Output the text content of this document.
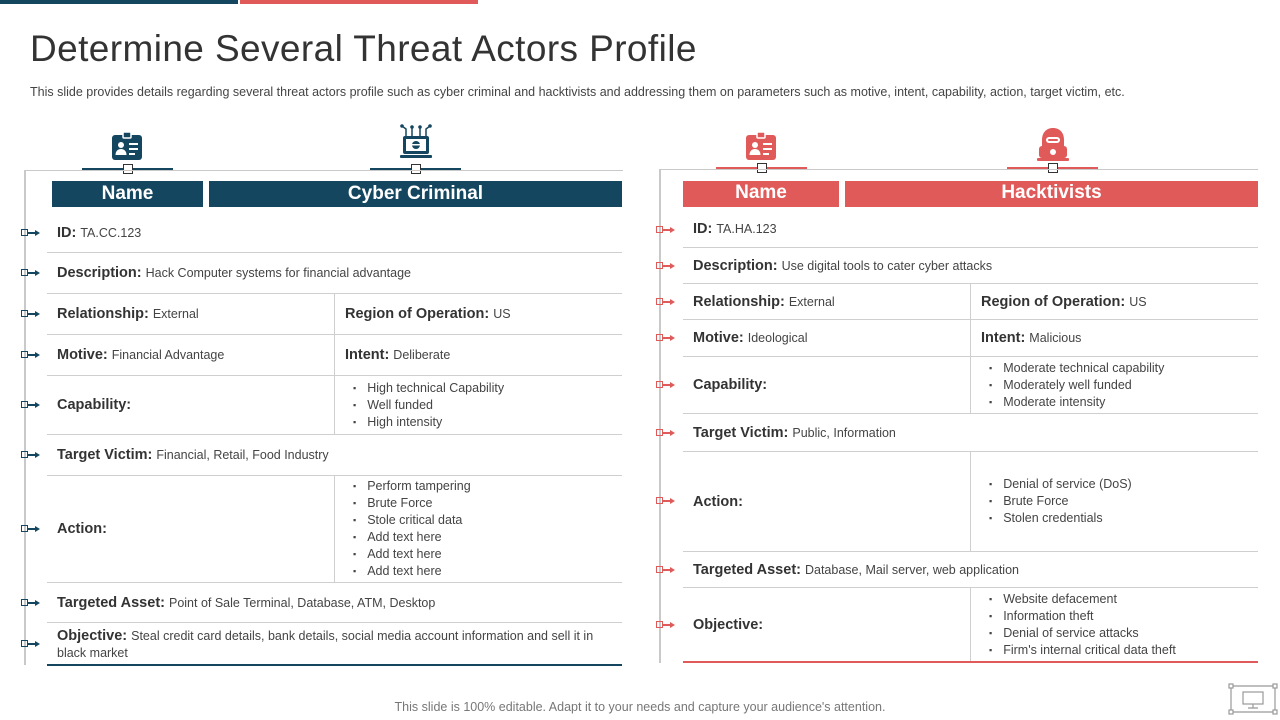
Determine Several Threat Actors Profile
This slide provides details regarding several threat actors profile such as cyber criminal and hacktivists and addressing them on parameters such as motive, intent, capability, action, target victim, etc.
Name	Cyber Criminal
ID: TA.CC.123
Description: Hack Computer systems for financial advantage
Relationship: External	Region of Operation: US
Motive: Financial Advantage	Intent: Deliberate
Capability:
▪ High technical Capability
▪ Well funded
▪ High intensity
Target Victim: Financial, Retail, Food Industry
Action:
▪ Perform tampering
▪ Brute Force
▪ Stole critical data
▪ Add text here
▪ Add text here
▪ Add text here
Targeted Asset: Point of Sale Terminal, Database, ATM, Desktop
Objective: Steal credit card details, bank details, social media account information and sell it in black market
Name	Hacktivists
ID: TA.HA.123
Description: Use digital tools to cater cyber attacks
Relationship: External	Region of Operation: US
Motive: Ideological	Intent: Malicious
Capability:
▪ Moderate technical capability
▪ Moderately well funded
▪ Moderate intensity
Target Victim: Public, Information
Action:
▪ Denial of service (DoS)
▪ Brute Force
▪ Stolen credentials
Targeted Asset: Database, Mail server, web application
Objective:
▪ Website defacement
▪ Information theft
▪ Denial of service attacks
▪ Firm's internal critical data theft
This slide is 100% editable. Adapt it to your needs and capture your audience's attention.
